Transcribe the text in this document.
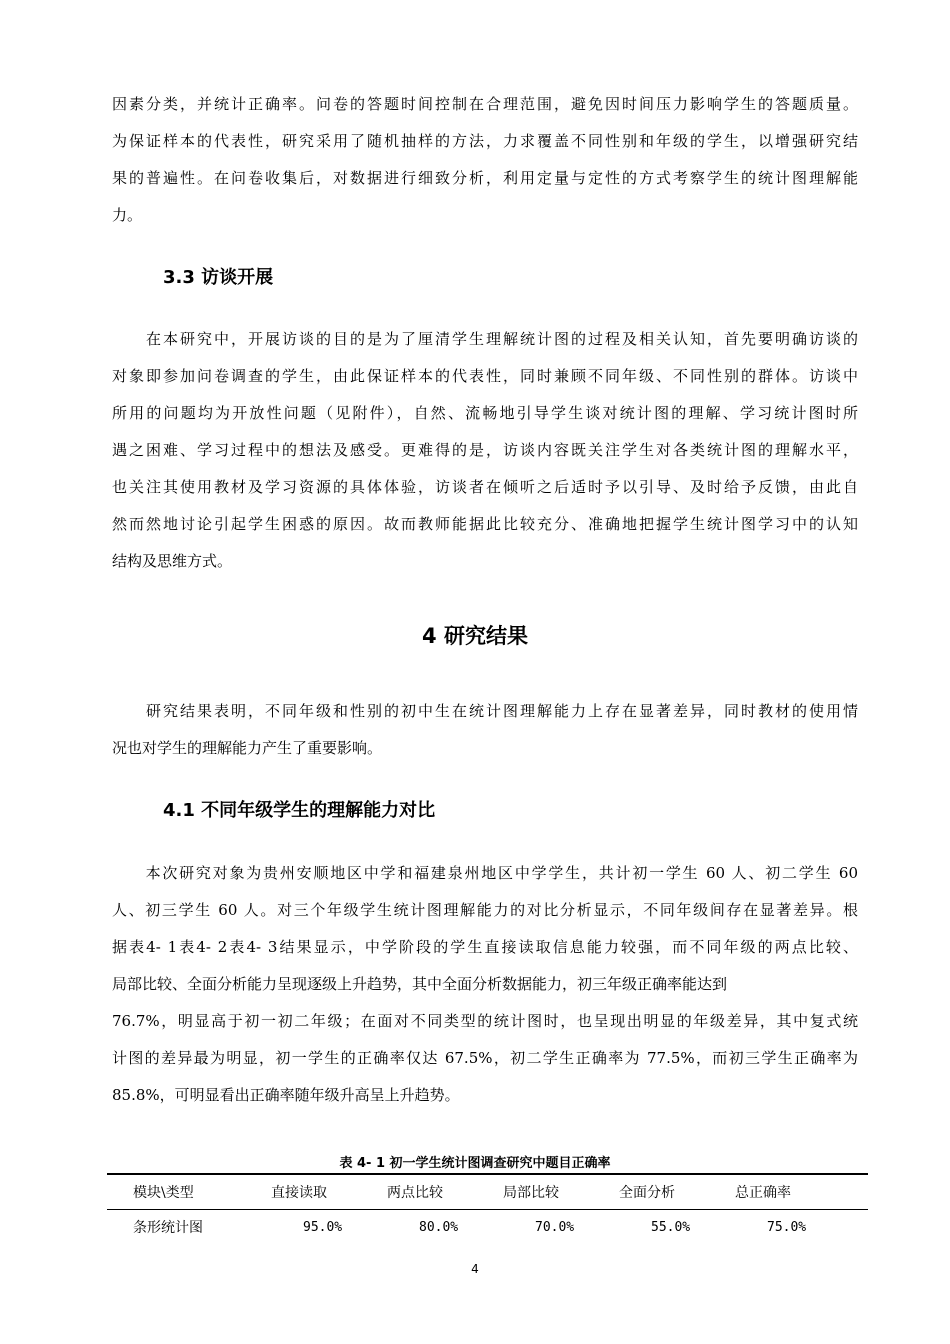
因素分类，并统计正确率。问卷的答题时间控制在合理范围，避免因时间压力影响学生的答题质量。
为保证样本的代表性，研究采用了随机抽样的方法，力求覆盖不同性别和年级的学生，以增强研究结
果的普遍性。在问卷收集后，对数据进行细致分析，利用定量与定性的方式考察学生的统计图理解能
力。
3.3 访谈开展
　　在本研究中，开展访谈的目的是为了厘清学生理解统计图的过程及相关认知，首先要明确访谈的
对象即参加问卷调查的学生，由此保证样本的代表性，同时兼顾不同年级、不同性别的群体。访谈中
所用的问题均为开放性问题（见附件），自然、流畅地引导学生谈对统计图的理解、学习统计图时所
遇之困难、学习过程中的想法及感受。更难得的是，访谈内容既关注学生对各类统计图的理解水平，
也关注其使用教材及学习资源的具体体验，访谈者在倾听之后适时予以引导、及时给予反馈，由此自
然而然地讨论引起学生困惑的原因。故而教师能据此比较充分、准确地把握学生统计图学习中的认知
结构及思维方式。
4 研究结果
　　研究结果表明，不同年级和性别的初中生在统计图理解能力上存在显著差异，同时教材的使用情
况也对学生的理解能力产生了重要影响。
4.1 不同年级学生的理解能力对比
　　本次研究对象为贵州安顺地区中学和福建泉州地区中学学生，共计初一学生 60 人、初二学生 60
人、初三学生 60 人。对三个年级学生统计图理解能力的对比分析显示，不同年级间存在显著差异。根
据表4- 1表4- 2表4- 3结果显示，中学阶段的学生直接读取信息能力较强，而不同年级的两点比较、
局部比较、全面分析能力呈现逐级上升趋势，其中全面分析数据能力，初三年级正确率能达到
76.7%，明显高于初一初二年级；在面对不同类型的统计图时，也呈现出明显的年级差异，其中复式统
计图的差异最为明显，初一学生的正确率仅达 67.5%，初二学生正确率为 77.5%，而初三学生正确率为
85.8%，可明显看出正确率随年级升高呈上升趋势。
表 4- 1 初一学生统计图调查研究中题目正确率
模块\类型	直接读取	两点比较	局部比较	全面分析	总正确率
条形统计图	95.0%	80.0%	70.0%	55.0%	75.0%
4
